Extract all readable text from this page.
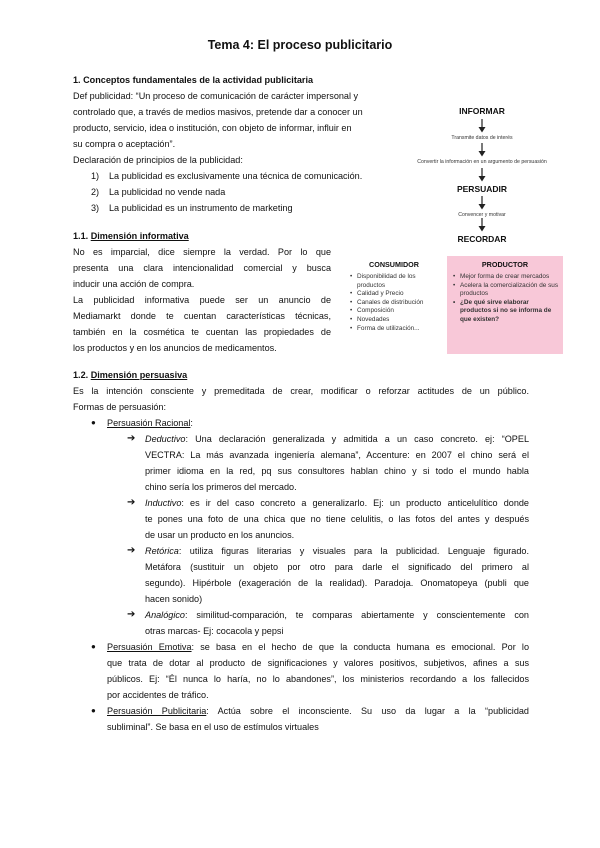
Tema 4: El proceso publicitario
1. Conceptos fundamentales de la actividad publicitaria
Def publicidad: “Un proceso de comunicación de carácter impersonal y
controlado que, a través de medios masivos, pretende dar a conocer un
producto, servicio, idea o institución, con objeto de informar, influir en
su compra o aceptación”.
Declaración de principios de la publicidad:
1) La publicidad es exclusivamente una técnica de comunicación.
2) La publicidad no vende nada
3) La publicidad es un instrumento de marketing
1.1. Dimensión informativa
No es imparcial, dice siempre la verdad. Por lo que
presenta una clara intencionalidad comercial y busca
inducir una acción de compra.
La publicidad informativa puede ser un anuncio de
Mediamarkt donde te cuentan características técnicas,
también en la cosmética te cuentan las propiedades de
los productos y en los anuncios de medicamentos.
INFORMAR
Transmite datos de interés
Convertir la información en un argumento de persuasión
PERSUADIR
Convencer y motivar
RECORDAR
CONSUMIDOR
• Disponibilidad de los productos
• Calidad y Precio
• Canales de distribución
• Composición
• Novedades
• Forma de utilización...
PRODUCTOR
• Mejor forma de crear mercados
• Acelera la comercialización de sus productos
• ¿De qué sirve elaborar productos si no se informa de que existen?
1.2. Dimensión persuasiva
Es la intención consciente y premeditada de crear, modificar o reforzar actitudes de un público.
Formas de persuasión:
● Persuasión Racional:
➔ Deductivo: Una declaración generalizada y admitida a un caso concreto. ej: “OPEL
VECTRA: La más avanzada ingeniería alemana”, Accenture: en 2007 el chino será el
primer idioma en la red, pq sus consultores hablan chino y si todo el mundo habla
chino sería los primeros del mercado.
➔ Inductivo: es ir del caso concreto a generalizarlo. Ej: un producto anticelulítico donde
te pones una foto de una chica que no tiene celulitis, o las fotos del antes y después
de usar un producto en los anuncios.
➔ Retórica: utiliza figuras literarias y visuales para la publicidad. Lenguaje figurado.
Metáfora (sustituir un objeto por otro para darle el significado del primero al
segundo). Hipérbole (exageración de la realidad). Paradoja. Onomatopeya (publi que
hacen sonido)
➔ Analógico: similitud-comparación, te comparas abiertamente y conscientemente con
otras marcas- Ej: cocacola y pepsi
● Persuasión Emotiva: se basa en el hecho de que la conducta humana es emocional. Por lo
que trata de dotar al producto de significaciones y valores positivos, subjetivos, afines a sus
públicos. Ej: “Él nunca lo haría, no lo abandones”, los ministerios recordando a los fallecidos
por accidentes de tráfico.
● Persuasión Publicitaria: Actúa sobre el inconsciente. Su uso da lugar a la “publicidad
subliminal”. Se basa en el uso de estímulos virtuales
